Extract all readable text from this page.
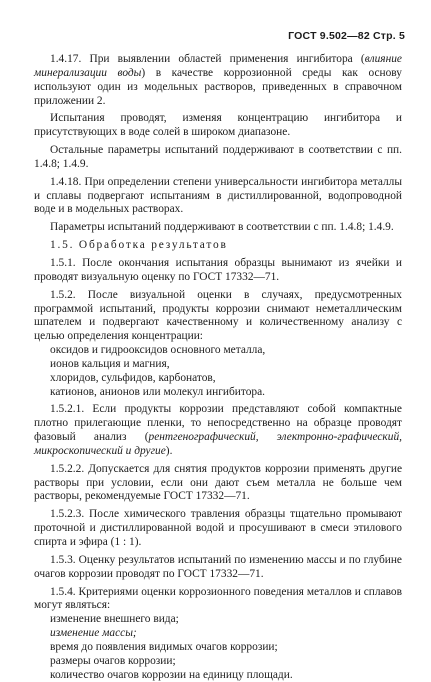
ГОСТ 9.502—82 Стр. 5

1.4.17. При выявлении областей применения ингибитора (влияние минерализации воды) в качестве коррозионной среды как основу используют один из модельных растворов, приведенных в справочном приложении 2.

Испытания проводят, изменяя концентрацию ингибитора и присутствующих в воде солей в широком диапазоне.

Остальные параметры испытаний поддерживают в соответствии с пп. 1.4.8; 1.4.9.

1.4.18. При определении степени универсальности ингибитора металлы и сплавы подвергают испытаниям в дистиллированной, водопроводной воде и в модельных растворах.

Параметры испытаний поддерживают в соответствии с пп. 1.4.8; 1.4.9.

1.5. Обработка результатов

1.5.1. После окончания испытания образцы вынимают из ячейки и проводят визуальную оценку по ГОСТ 17332—71.

1.5.2. После визуальной оценки в случаях, предусмотренных программой испытаний, продукты коррозии снимают неметаллическим шпателем и подвергают качественному и количественному анализу с целью определения концентрации:

оксидов и гидрооксидов основного металла,

ионов кальция и магния,

хлоридов, сульфидов, карбонатов,

катионов, анионов или молекул ингибитора.

1.5.2.1. Если продукты коррозии представляют собой компактные плотно прилегающие пленки, то непосредственно на образце проводят фазовый анализ (рентгенографический, электронно-графический, микроскопический и другие).

1.5.2.2. Допускается для снятия продуктов коррозии применять другие растворы при условии, если они дают съем металла не больше чем растворы, рекомендуемые ГОСТ 17332—71.

1.5.2.3. После химического травления образцы тщательно промывают проточной и дистиллированной водой и просушивают в смеси этилового спирта и эфира (1 : 1).

1.5.3. Оценку результатов испытаний по изменению массы и по глубине очагов коррозии проводят по ГОСТ 17332—71.

1.5.4. Критериями оценки коррозионного поведения металлов и сплавов могут являться:

изменение внешнего вида;

изменение массы;

время до появления видимых очагов коррозии;

размеры очагов коррозии;

количество очагов коррозии на единицу площади.
